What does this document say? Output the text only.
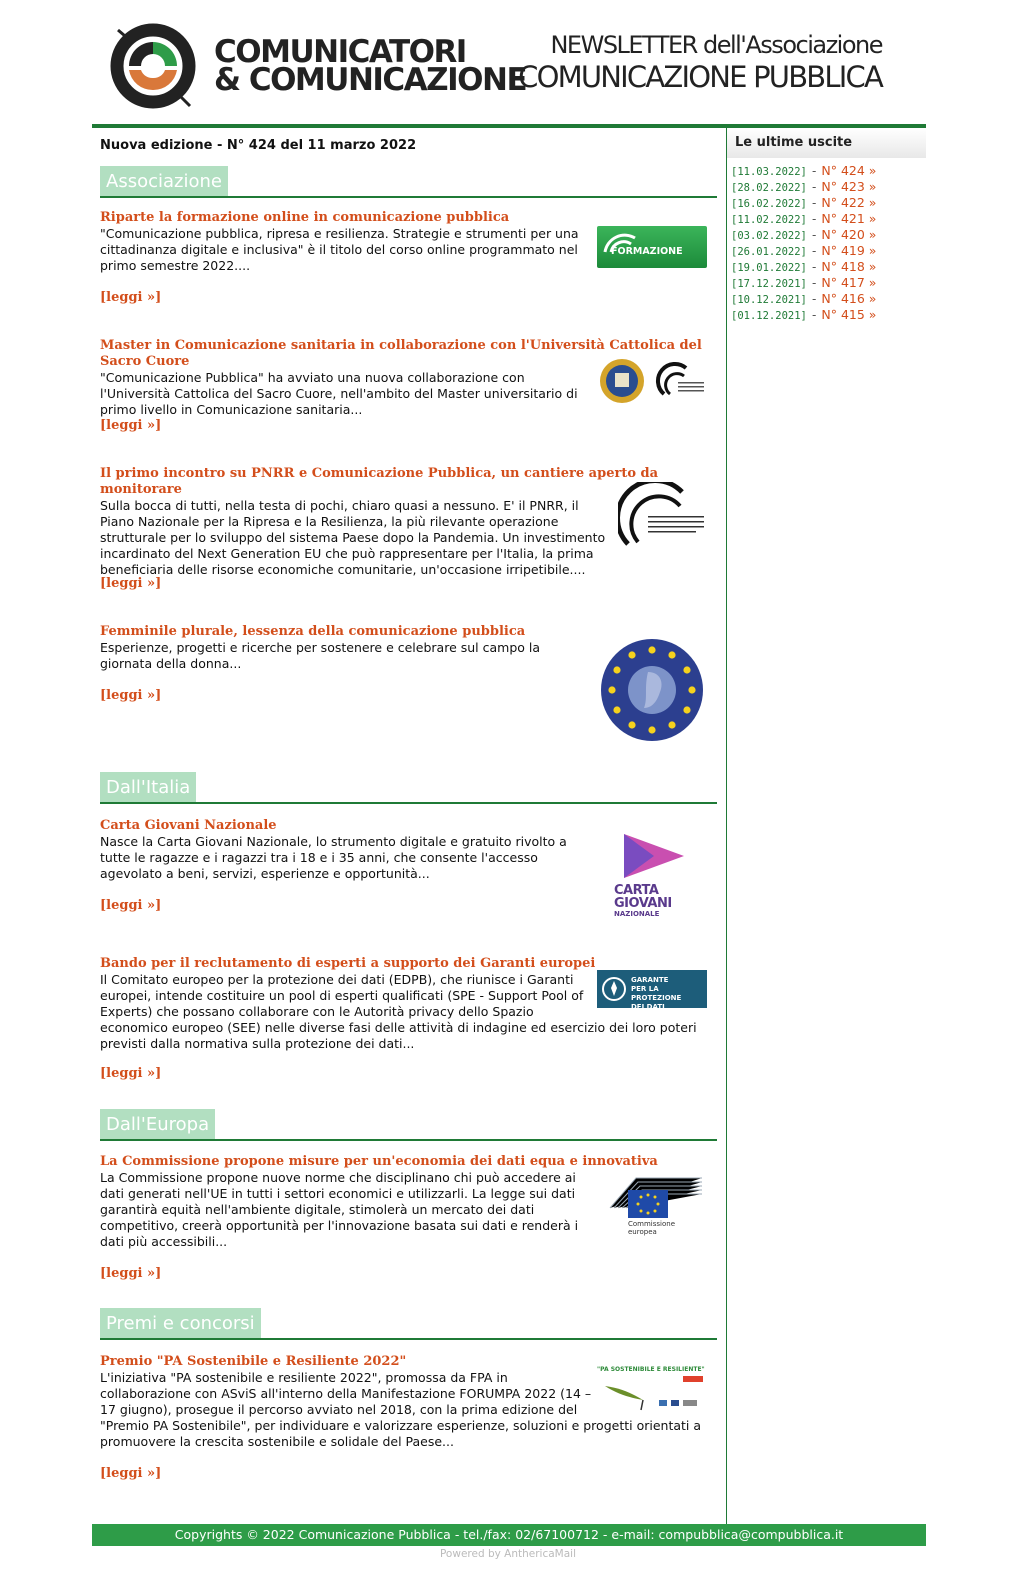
COMUNICATORI
& COMUNICAZIONE
NEWSLETTER dell'Associazione
COMUNICAZIONE PUBBLICA
Nuova edizione - N° 424 del 11 marzo 2022
Associazione
Riparte la formazione online in comunicazione pubblica
"Comunicazione pubblica, ripresa e resilienza. Strategie e strumenti per una cittadinanza digitale e inclusiva" è il titolo del corso online programmato nel primo semestre 2022....
[leggi »]
FORMAZIONE
Master in Comunicazione sanitaria in collaborazione con l'Università Cattolica del Sacro Cuore
"Comunicazione Pubblica" ha avviato una nuova collaborazione con l'Università Cattolica del Sacro Cuore, nell'ambito del Master universitario di primo livello in Comunicazione sanitaria...
[leggi »]
Il primo incontro su PNRR e Comunicazione Pubblica, un cantiere aperto da monitorare
Sulla bocca di tutti, nella testa di pochi, chiaro quasi a nessuno. E' il PNRR, il Piano Nazionale per la Ripresa e la Resilienza, la più rilevante operazione strutturale per lo sviluppo del sistema Paese dopo la Pandemia. Un investimento incardinato del Next Generation EU che può rappresentare per l'Italia, la prima beneficiaria delle risorse economiche comunitarie, un'occasione irripetibile....
[leggi »]
Femminile plurale, lessenza della comunicazione pubblica
Esperienze, progetti e ricerche per sostenere e celebrare sul campo la giornata della donna...
[leggi »]
Dall'Italia
Carta Giovani Nazionale
Nasce la Carta Giovani Nazionale, lo strumento digitale e gratuito rivolto a tutte le ragazze e i ragazzi tra i 18 e i 35 anni, che consente l'accesso agevolato a beni, servizi, esperienze e opportunità...
[leggi »]
CARTA
GIOVANI
NAZIONALE
Bando per il reclutamento di esperti a supporto dei Garanti europei
Il Comitato europeo per la protezione dei dati (EDPB), che riunisce i Garanti europei, intende costituire un pool di esperti qualificati (SPE - Support Pool of Experts) che possano collaborare con le Autorità privacy dello Spazio economico europeo (SEE) nelle diverse fasi delle attività di indagine ed esercizio dei loro poteri previsti dalla normativa sulla protezione dei dati...
[leggi »]
GARANTE
PER LA PROTEZIONE
DEI DATI PERSONALI
Dall'Europa
La Commissione propone misure per un'economia dei dati equa e innovativa
La Commissione propone nuove norme che disciplinano chi può accedere ai dati generati nell'UE in tutti i settori economici e utilizzarli. La legge sui dati garantirà equità nell'ambiente digitale, stimolerà un mercato dei dati competitivo, creerà opportunità per l'innovazione basata sui dati e renderà i dati più accessibili...
[leggi »]
Commissione
europea
Premi e concorsi
Premio "PA Sostenibile e Resiliente 2022"
L'iniziativa "PA sostenibile e resiliente 2022", promossa da FPA in collaborazione con ASviS all'interno della Manifestazione FORUMPA 2022 (14 – 17 giugno), prosegue il percorso avviato nel 2018, con la prima edizione del "Premio PA Sostenibile", per individuare e valorizzare esperienze, soluzioni e progetti orientati a promuovere la crescita sostenibile e solidale del Paese...
[leggi »]
"PA SOSTENIBILE E RESILIENTE"
Le ultime uscite
[11.03.2022] - N° 424 »
[28.02.2022] - N° 423 »
[16.02.2022] - N° 422 »
[11.02.2022] - N° 421 »
[03.02.2022] - N° 420 »
[26.01.2022] - N° 419 »
[19.01.2022] - N° 418 »
[17.12.2021] - N° 417 »
[10.12.2021] - N° 416 »
[01.12.2021] - N° 415 »
Copyrights © 2022 Comunicazione Pubblica - tel./fax: 02/67100712 - e-mail: compubblica@compubblica.it
Powered by AnthericaMail
